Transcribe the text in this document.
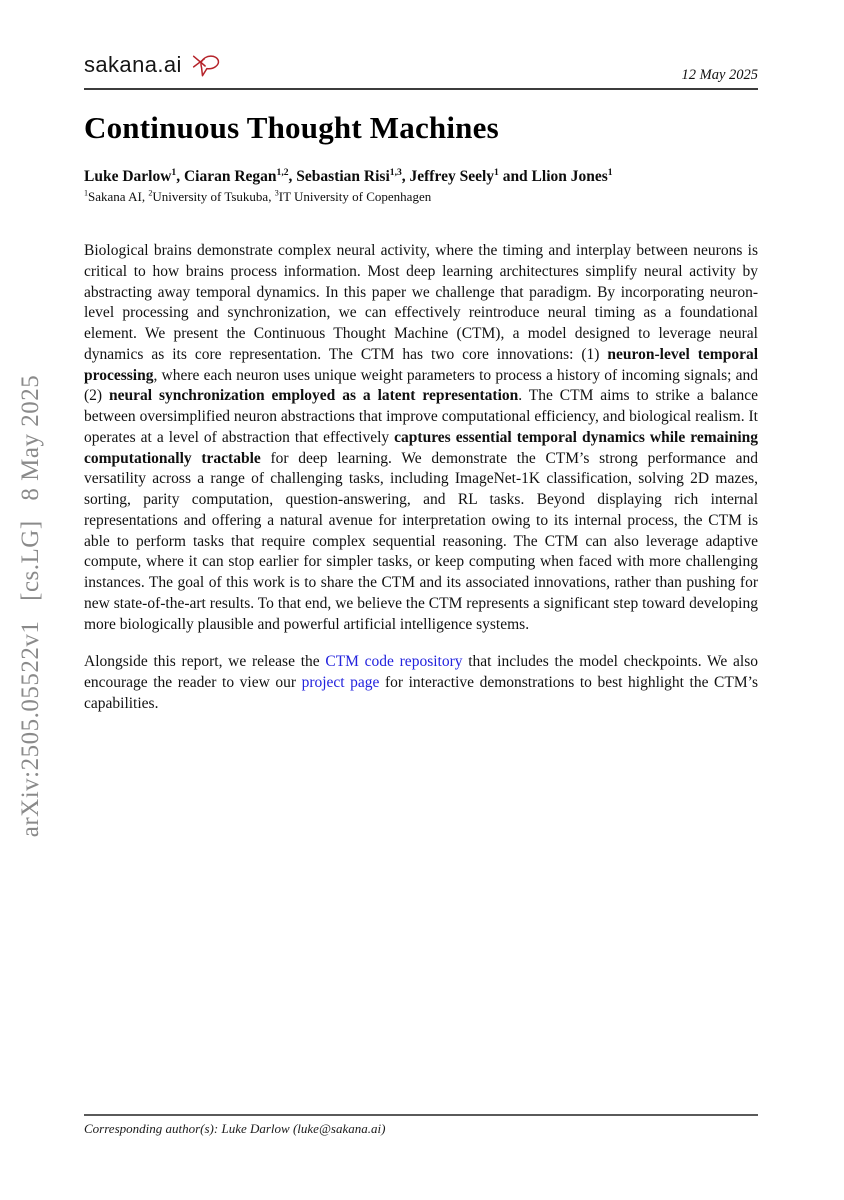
sakana.ai	12 May 2025
Continuous Thought Machines
Luke Darlow$^1$, Ciaran Regan$^{1,2}$, Sebastian Risi$^{1,3}$, Jeffrey Seely$^1$ and Llion Jones$^1$
$^1$Sakana AI, $^2$University of Tsukuba, $^3$IT University of Copenhagen
Biological brains demonstrate complex neural activity, where the timing and interplay between neurons is critical to how brains process information. Most deep learning architectures simplify neural activity by abstracting away temporal dynamics. In this paper we challenge that paradigm. By incorporating neuron-level processing and synchronization, we can effectively reintroduce neural timing as a foundational element. We present the Continuous Thought Machine (CTM), a model designed to leverage neural dynamics as its core representation. The CTM has two core innovations: (1) neuron-level temporal processing, where each neuron uses unique weight parameters to process a history of incoming signals; and (2) neural synchronization employed as a latent representation. The CTM aims to strike a balance between oversimplified neuron abstractions that improve computational efficiency, and biological realism. It operates at a level of abstraction that effectively captures essential temporal dynamics while remaining computationally tractable for deep learning. We demonstrate the CTM’s strong performance and versatility across a range of challenging tasks, including ImageNet-1K classification, solving 2D mazes, sorting, parity computation, question-answering, and RL tasks. Beyond displaying rich internal representations and offering a natural avenue for interpretation owing to its internal process, the CTM is able to perform tasks that require complex sequential reasoning. The CTM can also leverage adaptive compute, where it can stop earlier for simpler tasks, or keep computing when faced with more challenging instances. The goal of this work is to share the CTM and its associated innovations, rather than pushing for new state-of-the-art results. To that end, we believe the CTM represents a significant step toward developing more biologically plausible and powerful artificial intelligence systems.
Alongside this report, we release the CTM code repository that includes the model checkpoints. We also encourage the reader to view our project page for interactive demonstrations to best highlight the CTM’s capabilities.
arXiv:2505.05522v1  [cs.LG]  8 May 2025
Corresponding author(s): Luke Darlow (luke@sakana.ai)
